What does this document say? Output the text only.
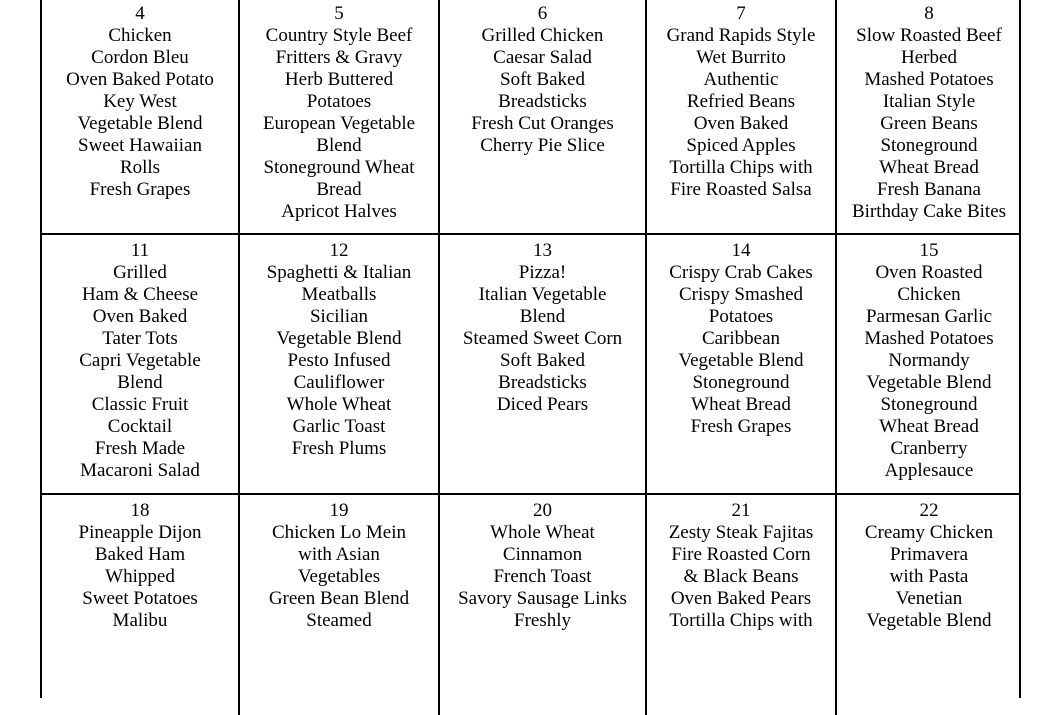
4
Chicken
Cordon Bleu
Oven Baked Potato
Key West
Vegetable Blend
Sweet Hawaiian
Rolls
Fresh Grapes
5
Country Style Beef
Fritters & Gravy
Herb Buttered
Potatoes
European Vegetable
Blend
Stoneground Wheat
Bread
Apricot Halves
6
Grilled Chicken
Caesar Salad
Soft Baked
Breadsticks
Fresh Cut Oranges
Cherry Pie Slice
7
Grand Rapids Style
Wet Burrito
Authentic
Refried Beans
Oven Baked
Spiced Apples
Tortilla Chips with
Fire Roasted Salsa
8
Slow Roasted Beef
Herbed
Mashed Potatoes
Italian Style
Green Beans
Stoneground
Wheat Bread
Fresh Banana
Birthday Cake Bites
11
Grilled
Ham & Cheese
Oven Baked
Tater Tots
Capri Vegetable
Blend
Classic Fruit
Cocktail
Fresh Made
Macaroni Salad
12
Spaghetti & Italian
Meatballs
Sicilian
Vegetable Blend
Pesto Infused
Cauliflower
Whole Wheat
Garlic Toast
Fresh Plums
13
Pizza!
Italian Vegetable
Blend
Steamed Sweet Corn
Soft Baked
Breadsticks
Diced Pears
14
Crispy Crab Cakes
Crispy Smashed
Potatoes
Caribbean
Vegetable Blend
Stoneground
Wheat Bread
Fresh Grapes
15
Oven Roasted
Chicken
Parmesan Garlic
Mashed Potatoes
Normandy
Vegetable Blend
Stoneground
Wheat Bread
Cranberry
Applesauce
18
Pineapple Dijon
Baked Ham
Whipped
Sweet Potatoes
Malibu
19
Chicken Lo Mein
with Asian
Vegetables
Green Bean Blend
Steamed
20
Whole Wheat
Cinnamon
French Toast
Savory Sausage Links
Freshly
21
Zesty Steak Fajitas
Fire Roasted Corn
& Black Beans
Oven Baked Pears
Tortilla Chips with
22
Creamy Chicken
Primavera
with Pasta
Venetian
Vegetable Blend
